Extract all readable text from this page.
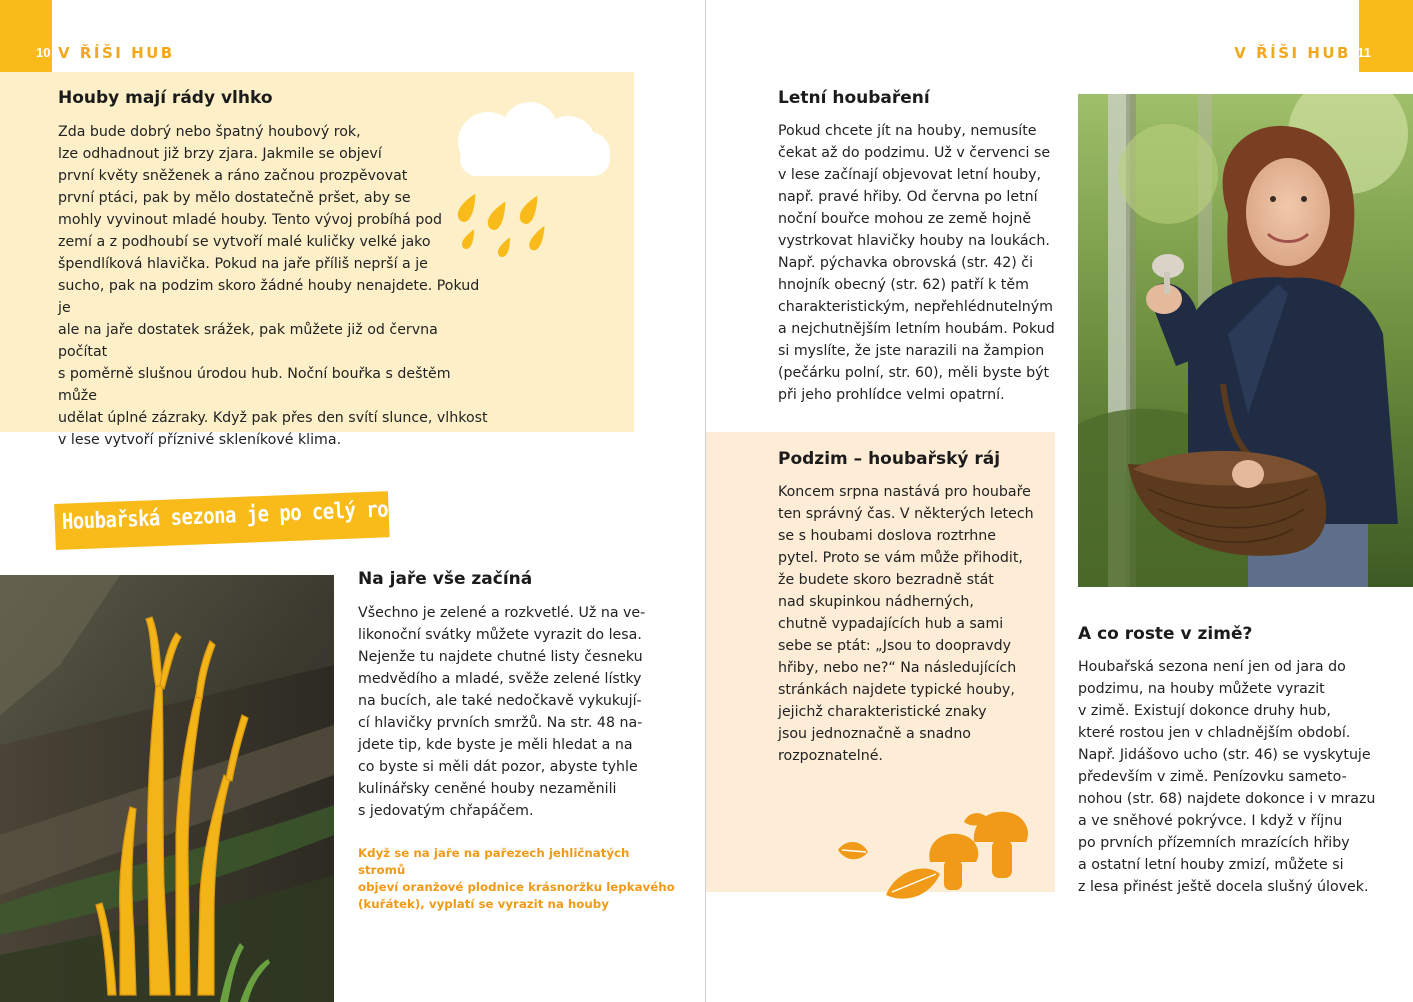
10 V ŘÍŠI HUB
Houby mají rády vlhko

Zda bude dobrý nebo špatný houbový rok,
lze odhadnout již brzy zjara. Jakmile se objeví
první květy sněženek a ráno začnou prozpěvovat
první ptáci, pak by mělo dostatečně pršet, aby se
mohly vyvinout mladé houby. Tento vývoj probíhá pod
zemí a z podhoubí se vytvoří malé kuličky velké jako
špendlíková hlavička. Pokud na jaře příliš neprší a je
sucho, pak na podzim skoro žádné houby nenajdete. Pokud je
ale na jaře dostatek srážek, pak můžete již od června počítat
s poměrně slušnou úrodou hub. Noční bouřka s deštěm může
udělat úplné zázraky. Když pak přes den svítí slunce, vlhkost
v lese vytvoří příznivé skleníkové klima.

Houbařská sezona je po celý rok
Na jaře vše začíná

Všechno je zelené a rozkvetlé. Už na ve-
likonoční svátky můžete vyrazit do lesa.
Nejenže tu najdete chutné listy česneku
medvědího a mladé, svěže zelené lístky
na bucích, ale také nedočkavě vykukují-
cí hlavičky prvních smržů. Na str. 48 na-
jdete tip, kde byste je měli hledat a na
co byste si měli dát pozor, abyste tyhle
kulinářsky ceněné houby nezaměnili
s jedovatým chřapáčem.

Když se na jaře na pařezech jehličnatých stromů
objeví oranžové plodnice krásnoržku lepkavého
(kuřátek), vyplatí se vyrazit na houby

11
V ŘÍŠI HUB
Letní houbaření

Pokud chcete jít na houby, nemusíte
čekat až do podzimu. Už v červenci se
v lese začínají objevovat letní houby,
např. pravé hřiby. Od června po letní
noční bouřce mohou ze země hojně
vystrkovat hlavičky houby na loukách.
Např. pýchavka obrovská (str. 42) či
hnojník obecný (str. 62) patří k těm
charakteristickým, nepřehlédnutelným
a nejchutnějším letním houbám. Pokud
si myslíte, že jste narazili na žampion
(pečárku polní, str. 60), měli byste být
při jeho prohlídce velmi opatrní.

Podzim – houbařský ráj

Koncem srpna nastává pro houbaře
ten správný čas. V některých letech
se s houbami doslova roztrhne
pytel. Proto se vám může přihodit,
že budete skoro bezradně stát
nad skupinkou nádherných,
chutně vypadajících hub a sami
sebe se ptát: „Jsou to doopravdy
hřiby, nebo ne?“ Na následujících
stránkách najdete typické houby,
jejichž charakteristické znaky
jsou jednoznačně a snadno
rozpoznatelné.

A co roste v zimě?

Houbařská sezona není jen od jara do
podzimu, na houby můžete vyrazit
v zimě. Existují dokonce druhy hub,
které rostou jen v chladnějším období.
Např. Jidášovo ucho (str. 46) se vyskytuje
především v zimě. Penízovku sameto-
nohou (str. 68) najdete dokonce i v mrazu
a ve sněhové pokrývce. I když v říjnu
po prvních přízemních mrazících hřiby
a ostatní letní houby zmizí, můžete si
z lesa přinést ještě docela slušný úlovek.
